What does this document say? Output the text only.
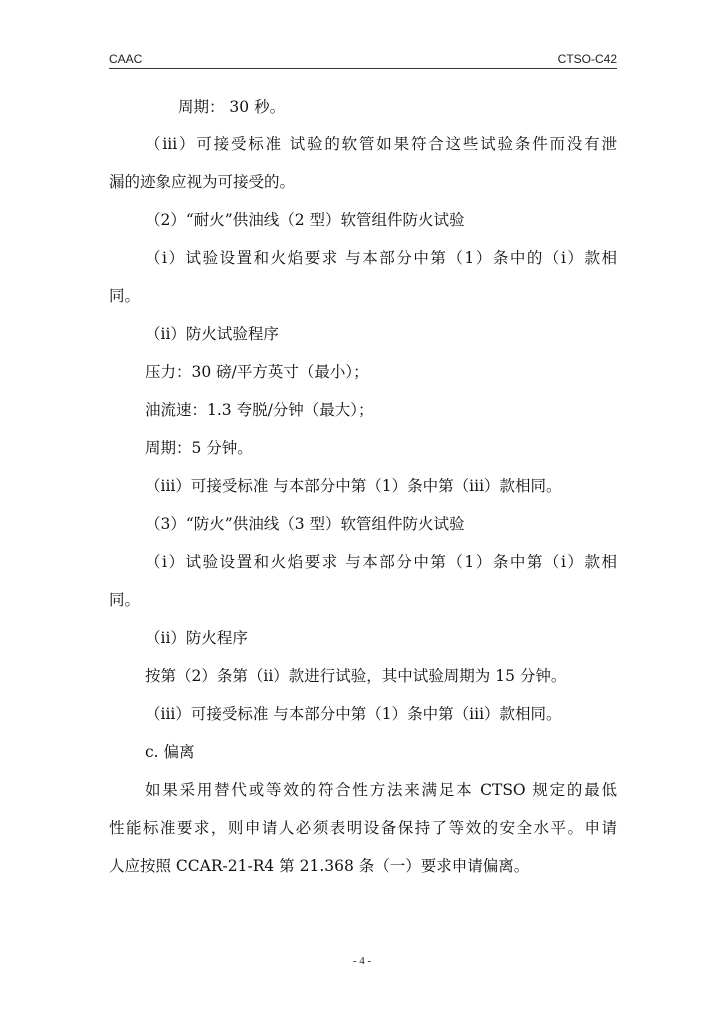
CAAC	CTSO-C42
周期： 30 秒。
（iii）可接受标准 试验的软管如果符合这些试验条件而没有泄
漏的迹象应视为可接受的。
（2）“耐火”供油线（2 型）软管组件防火试验
（i）试验设置和火焰要求 与本部分中第（1）条中的（i）款相
同。
（ii）防火试验程序
压力：30 磅/平方英寸（最小）；
油流速：1.3 夸脱/分钟（最大）；
周期：5 分钟。
（iii）可接受标准 与本部分中第（1）条中第（iii）款相同。
（3）“防火”供油线（3 型）软管组件防火试验
（i）试验设置和火焰要求 与本部分中第（1）条中第（i）款相
同。
（ii）防火程序
按第（2）条第（ii）款进行试验，其中试验周期为 15 分钟。
（iii）可接受标准 与本部分中第（1）条中第（iii）款相同。
c. 偏离
如果采用替代或等效的符合性方法来满足本 CTSO 规定的最低
性能标准要求，则申请人必须表明设备保持了等效的安全水平。申请
人应按照 CCAR-21-R4 第 21.368 条（一）要求申请偏离。
- 4 -
